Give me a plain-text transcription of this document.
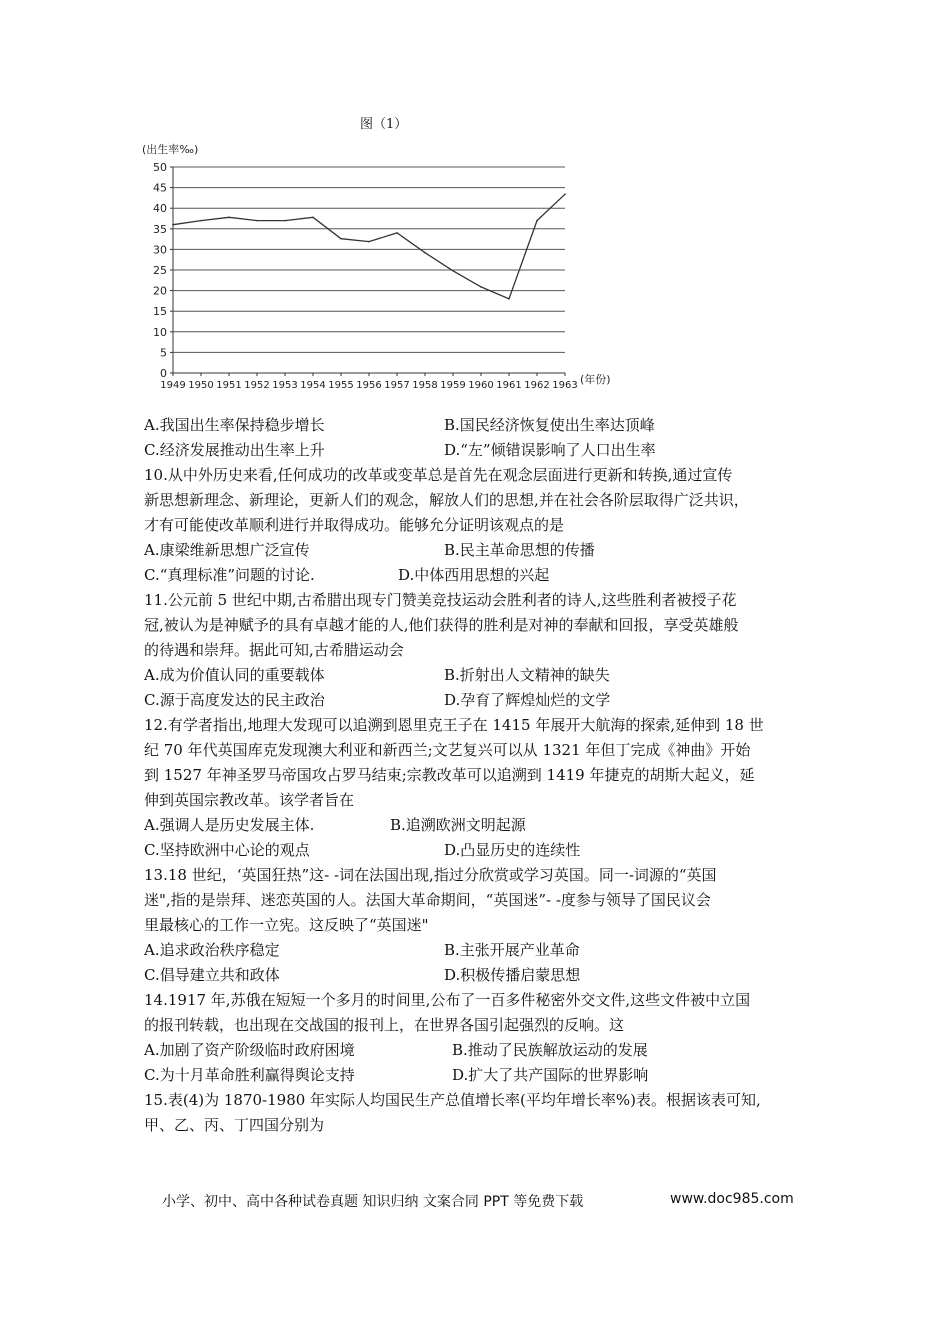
图（1）
0
5
10
15
20
25
30
35
40
45
50
1949 1950 1951 1952 1953 1954 1955 1956 1957 1958 1959 1960 1961 1962 1963
(出生率‰)
(年份)
A.我国出生率保持稳步增长	B.国民经济恢复使出生率达顶峰
C.经济发展推动出生率上升	D.“左”倾错误影响了人口出生率
10.从中外历史来看,任何成功的改革或变革总是首先在观念层面进行更新和转换,通过宣传
新思想新理念、新理论，更新人们的观念，解放人们的思想,并在社会各阶层取得广泛共识，
才有可能使改革顺利进行并取得成功。能够允分证明该观点的是
A.康梁维新思想广泛宣传	B.民主革命思想的传播
C.“真理标准”问题的讨论.	D.中体西用思想的兴起
11.公元前 5 世纪中期,古希腊出现专门赞美竞技运动会胜利者的诗人,这些胜利者被授子花
冠,被认为是神赋予的具有卓越才能的人,他们获得的胜利是对神的奉献和回报，享受英雄般
的待遇和崇拜。据此可知,古希腊运动会
A.成为价值认同的重要载体	B.折射出人文精神的缺失
C.源于高度发达的民主政治	D.孕育了辉煌灿烂的文学
12.有学者指出,地理大发现可以追溯到恩里克王子在 1415 年展开大航海的探索,延伸到 18 世
纪 70 年代英国库克发现澳大利亚和新西兰;文艺复兴可以从 1321 年但丁完成《神曲》开始
到 1527 年神圣罗马帝国攻占罗马结束;宗教改革可以追溯到 1419 年捷克的胡斯大起义，延
伸到英国宗教改革。该学者旨在
A.强调人是历史发展主体.	B.追溯欧洲文明起源
C.坚持欧洲中心论的观点	D.凸显历史的连续性
13.18 世纪，‘英国狂热”这- -词在法国出现,指过分欣赏或学习英国。同一-词源的“英国
迷",指的是崇拜、迷恋英国的人。法国大革命期间，“英国迷”- -度参与领导了国民议会
里最核心的工作一立宪。这反映了“英国迷"
A.追求政治秩序稳定	B.主张开展产业革命
C.倡导建立共和政体	D.积极传播启蒙思想
14.1917 年,苏俄在短短一个多月的时间里,公布了一百多件秘密外交文件,这些文件被中立国
的报刊转载，也出现在交战国的报刊上，在世界各国引起强烈的反响。这
A.加剧了资产阶级临时政府困境	B.推动了民族解放运动的发展
C.为十月革命胜利赢得舆论支持	D.扩大了共产国际的世界影响
15.表(4)为 1870-1980 年实际人均国民生产总值增长率(平均年增长率%)表。根据该表可知,
甲、乙、丙、丁四国分别为
小学、初中、高中各种试卷真题 知识归纳 文案合同 PPT 等免费下载	www.doc985.com
